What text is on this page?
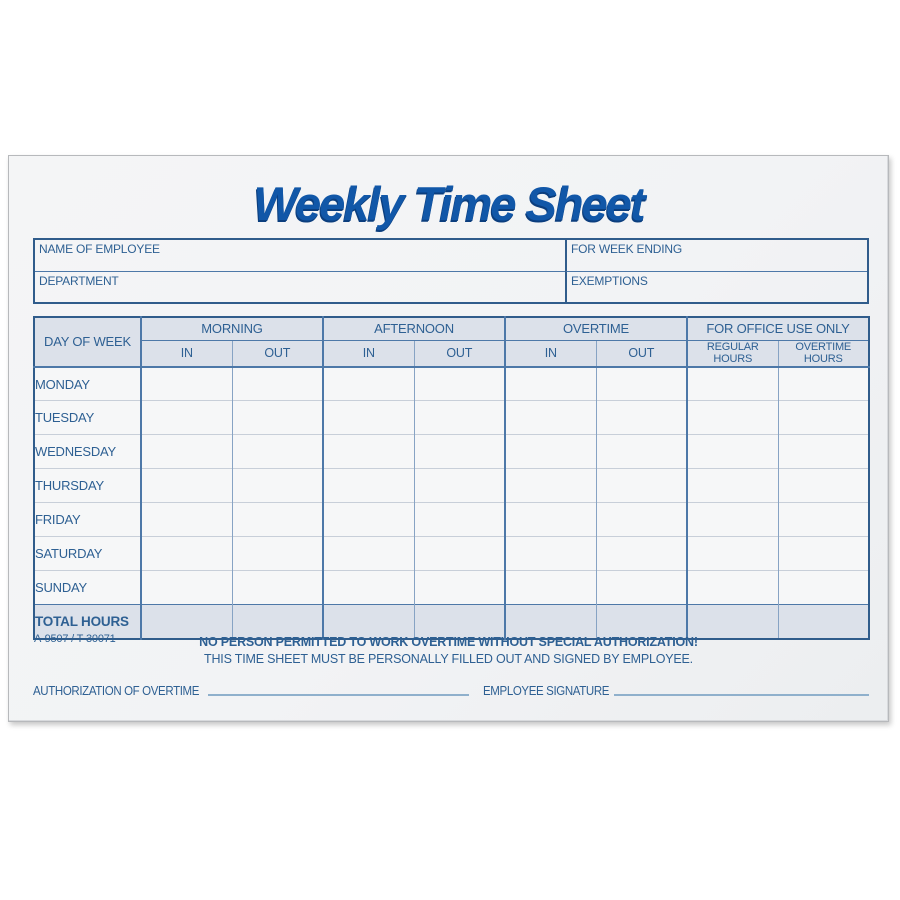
Weekly Time Sheet
NAME OF EMPLOYEE	FOR WEEK ENDING
DEPARTMENT	EXEMPTIONS
DAY OF WEEK	MORNING		AFTERNOON		OVERTIME		FOR OFFICE USE ONLY	
	IN	OUT	IN	OUT	IN	OUT	REGULAR HOURS	OVERTIME HOURS
MONDAY								
TUESDAY								
WEDNESDAY								
THURSDAY								
FRIDAY								
SATURDAY								
SUNDAY								
TOTAL HOURS								
A-9507 / T-30071	NO PERSON PERMITTED TO WORK OVERTIME WITHOUT SPECIAL AUTHORIZATION!
THIS TIME SHEET MUST BE PERSONALLY FILLED OUT AND SIGNED BY EMPLOYEE.
AUTHORIZATION OF OVERTIME	EMPLOYEE SIGNATURE
